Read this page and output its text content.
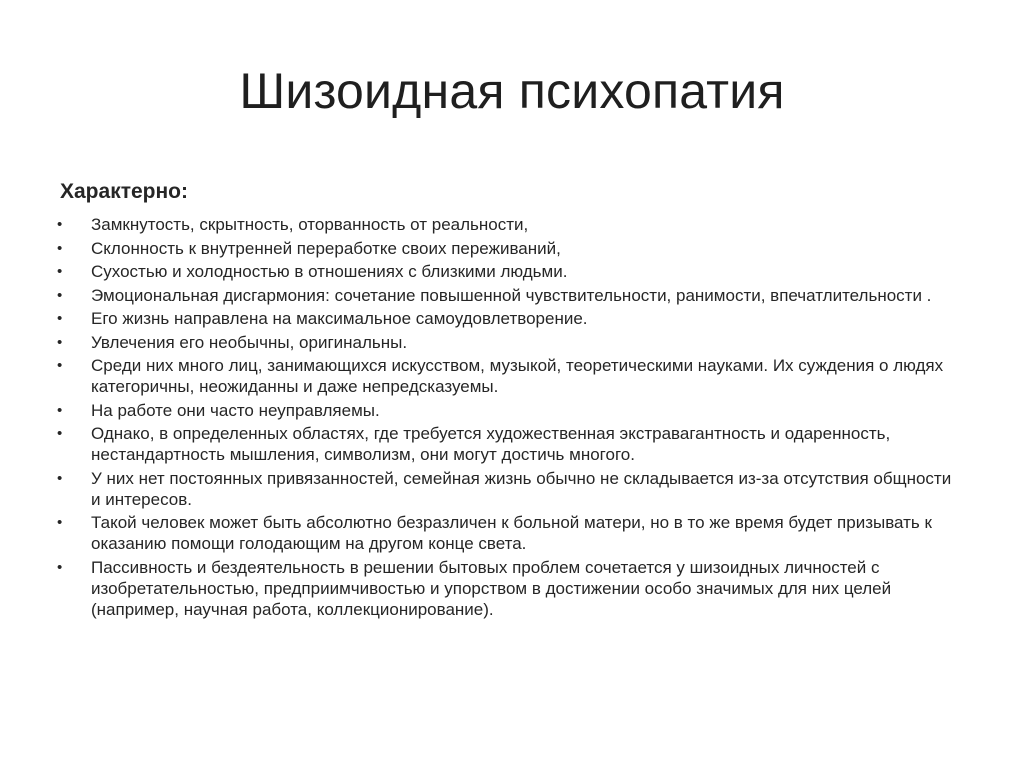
Шизоидная психопатия

Характерно:

• Замкнутость, скрытность, оторванность от реальности,
• Склонность к внутренней переработке своих переживаний,
• Сухостью и холодностью в отношениях с близкими людьми.
• Эмоциональная дисгармония: сочетание повышенной чувствительности, ранимости, впечатлительности .
• Его жизнь направлена на максимальное самоудовлетворение.
• Увлечения его необычны, оригинальны.
• Среди них много лиц, занимающихся искусством, музыкой, теоретическими науками. Их суждения о людях категоричны, неожиданны и даже непредсказуемы.
• На работе они часто неуправляемы.
• Однако, в определенных областях, где требуется художественная экстравагантность и одаренность, нестандартность мышления, символизм, они могут достичь многого.
• У них нет постоянных привязанностей, семейная жизнь обычно не складывается из-за отсутствия общности и интересов.
• Такой человек может быть абсолютно безразличен к больной матери, но в то же время будет призывать к оказанию помощи голодающим на другом конце света.
• Пассивность и бездеятельность в решении бытовых проблем сочетается у шизоидных личностей с изобретательностью, предприимчивостью и упорством в достижении особо значимых для них целей (например, научная работа, коллекционирование).
